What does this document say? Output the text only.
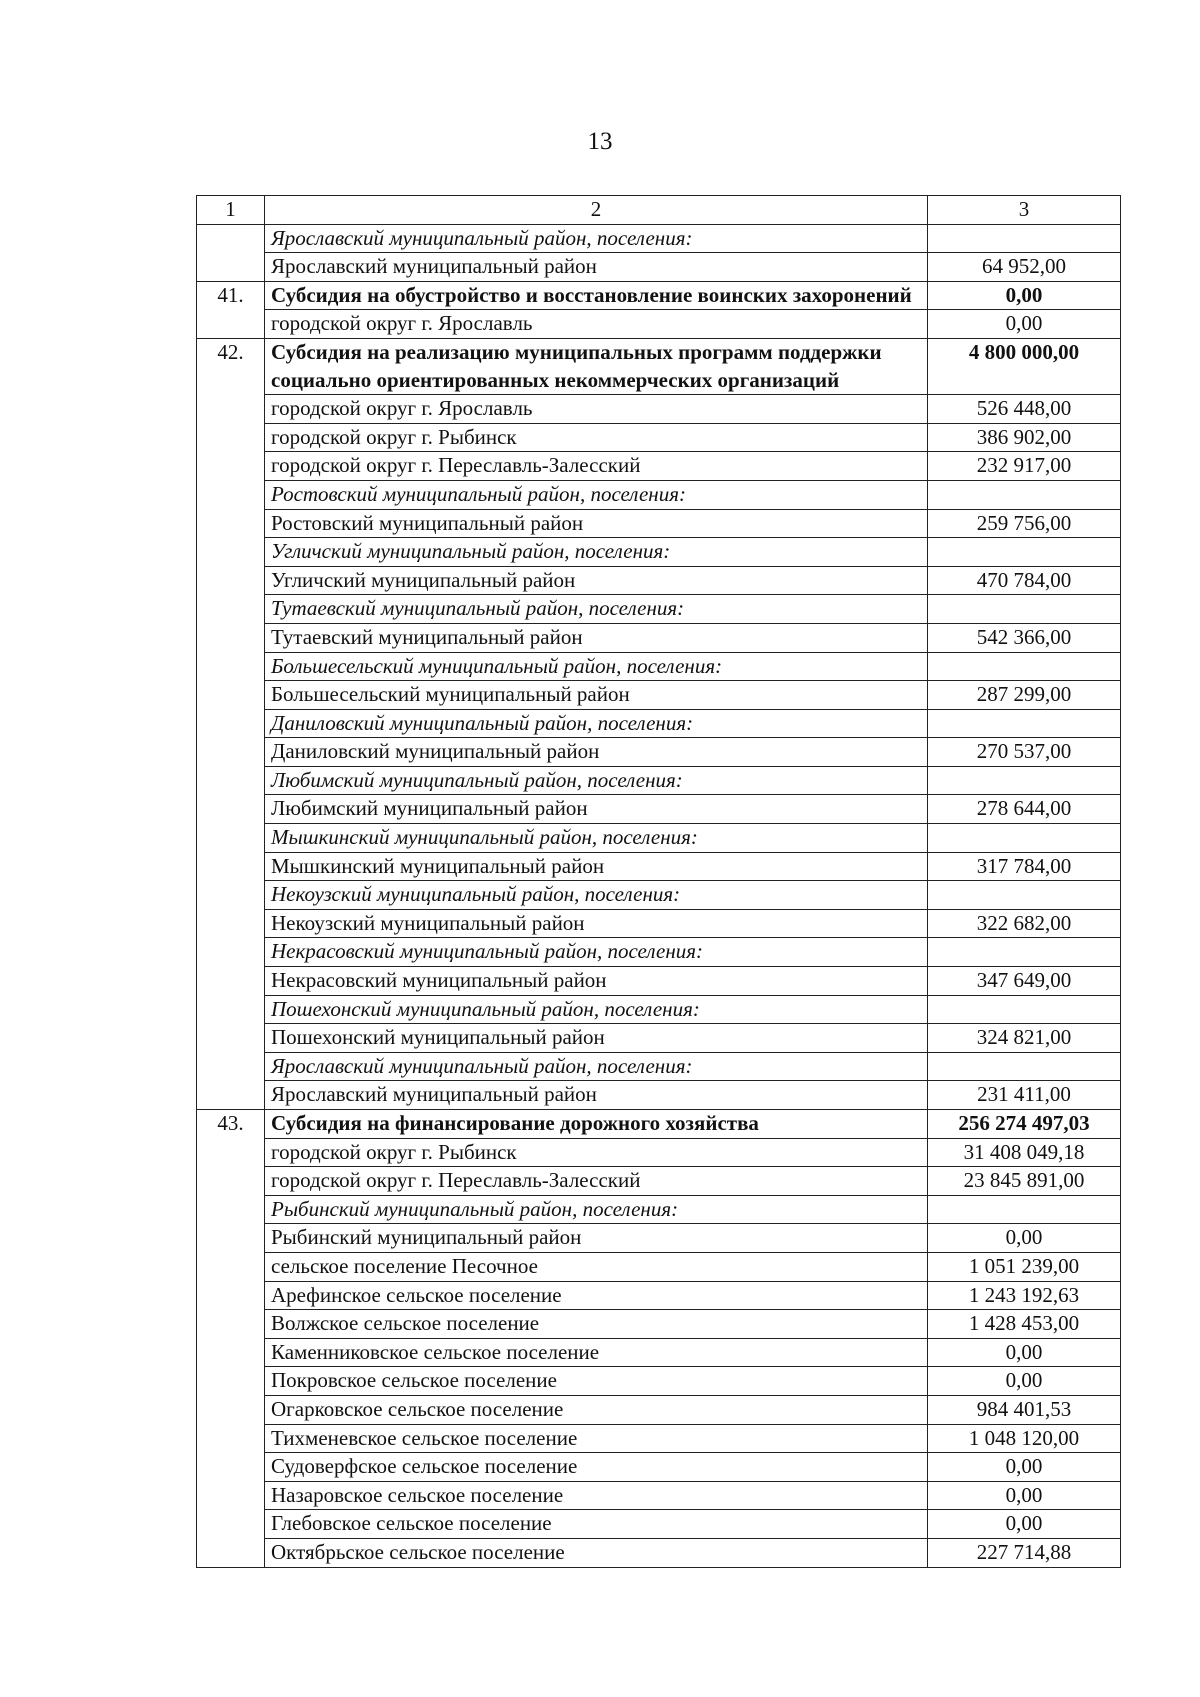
13
1	2	3
	Ярославский муниципальный район, поселения:	
	Ярославский муниципальный район	64 952,00
41.	Субсидия на обустройство и восстановление воинских захоронений	0,00
	городской округ г. Ярославль	0,00
42.	Субсидия на реализацию муниципальных программ поддержки социально ориентированных некоммерческих организаций	4 800 000,00
	городской округ г. Ярославль	526 448,00
	городской округ г. Рыбинск	386 902,00
	городской округ г. Переславль-Залесский	232 917,00
	Ростовский муниципальный район, поселения:	
	Ростовский муниципальный район	259 756,00
	Угличский муниципальный район, поселения:	
	Угличский муниципальный район	470 784,00
	Тутаевский муниципальный район, поселения:	
	Тутаевский муниципальный район	542 366,00
	Большесельский муниципальный район, поселения:	
	Большесельский муниципальный район	287 299,00
	Даниловский муниципальный район, поселения:	
	Даниловский муниципальный район	270 537,00
	Любимский муниципальный район, поселения:	
	Любимский муниципальный район	278 644,00
	Мышкинский муниципальный район, поселения:	
	Мышкинский муниципальный район	317 784,00
	Некоузский муниципальный район, поселения:	
	Некоузский муниципальный район	322 682,00
	Некрасовский муниципальный район, поселения:	
	Некрасовский муниципальный район	347 649,00
	Пошехонский муниципальный район, поселения:	
	Пошехонский муниципальный район	324 821,00
	Ярославский муниципальный район, поселения:	
	Ярославский муниципальный район	231 411,00
43.	Субсидия на финансирование дорожного хозяйства	256 274 497,03
	городской округ г. Рыбинск	31 408 049,18
	городской округ г. Переславль-Залесский	23 845 891,00
	Рыбинский муниципальный район, поселения:	
	Рыбинский муниципальный район	0,00
	сельское поселение Песочное	1 051 239,00
	Арефинское сельское поселение	1 243 192,63
	Волжское сельское поселение	1 428 453,00
	Каменниковское сельское поселение	0,00
	Покровское сельское поселение	0,00
	Огарковское сельское поселение	984 401,53
	Тихменевское сельское поселение	1 048 120,00
	Судоверфское сельское поселение	0,00
	Назаровское сельское поселение	0,00
	Глебовское сельское поселение	0,00
	Октябрьское сельское поселение	227 714,88
